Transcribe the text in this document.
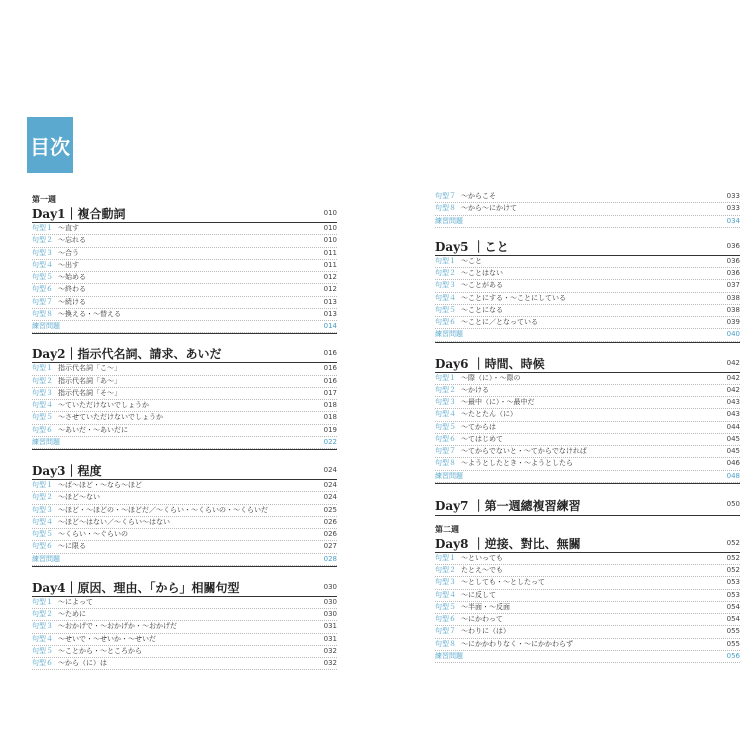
目次
第一週
Day1｜複合動詞	010
句型１ ～直す	010
句型２ ～忘れる	010
句型３ ～合う	011
句型４ ～出す	011
句型５ ～始める	012
句型６ ～終わる	012
句型７ ～続ける	013
句型８ ～換える・～替える	013
練習問題	014
Day2｜指示代名詞、請求、あいだ	016
句型１ 指示代名詞「こ～」	016
句型２ 指示代名詞「あ～」	016
句型３ 指示代名詞「そ～」	017
句型４ ～ていただけないでしょうか	018
句型５ ～させていただけないでしょうか	018
句型６ ～あいだ・～あいだに	019
練習問題	022
Day3｜程度	024
句型１ ～ば～ほど・～なら～ほど	024
句型２ ～ほど～ない	024
句型３ ～ほど・～ほどの・～ほどだ／～くらい・～くらいの・～くらいだ	025
句型４ ～ほど～はない／～くらい～はない	026
句型５ ～くらい・～ぐらいの	026
句型６ ～に限る	027
練習問題	028
Day4｜原因、理由、「から」相關句型	030
句型１ ～によって	030
句型２ ～ために	030
句型３ ～おかげで・～おかげか・～おかげだ	031
句型４ ～せいで・～せいか・～せいだ	031
句型５ ～ことから・～ところから	032
句型６ ～から（に）は	032
句型７ ～からこそ	033
句型８ ～から～にかけて	033
練習問題	034
Day5 ｜こと	036
句型１ ～こと	036
句型２ ～ことはない	036
句型３ ～ことがある	037
句型４ ～ことにする・～ことにしている	038
句型５ ～ことになる	038
句型６ ～ことに／となっている	039
練習問題	040
Day6 ｜時間、時候	042
句型１ ～際（に）・～際の	042
句型２ ～かける	042
句型３ ～最中（に）・～最中だ	043
句型４ ～たとたん（に）	043
句型５ ～てからは	044
句型６ ～てはじめて	045
句型７ ～てからでないと・～てからでなければ	045
句型８ ～ようとしたとき・～ようとしたら	046
練習問題	048
Day7 ｜第一週總複習練習	050
第二週
Day8 ｜逆接、對比、無關	052
句型１ ～といっても	052
句型２ たとえ～でも	052
句型３ ～としても・～としたって	053
句型４ ～に反して	053
句型５ ～半面・～反面	054
句型６ ～にかわって	054
句型７ ～わりに（は）	055
句型８ ～にかかわりなく・～にかかわらず	055
練習問題	056
